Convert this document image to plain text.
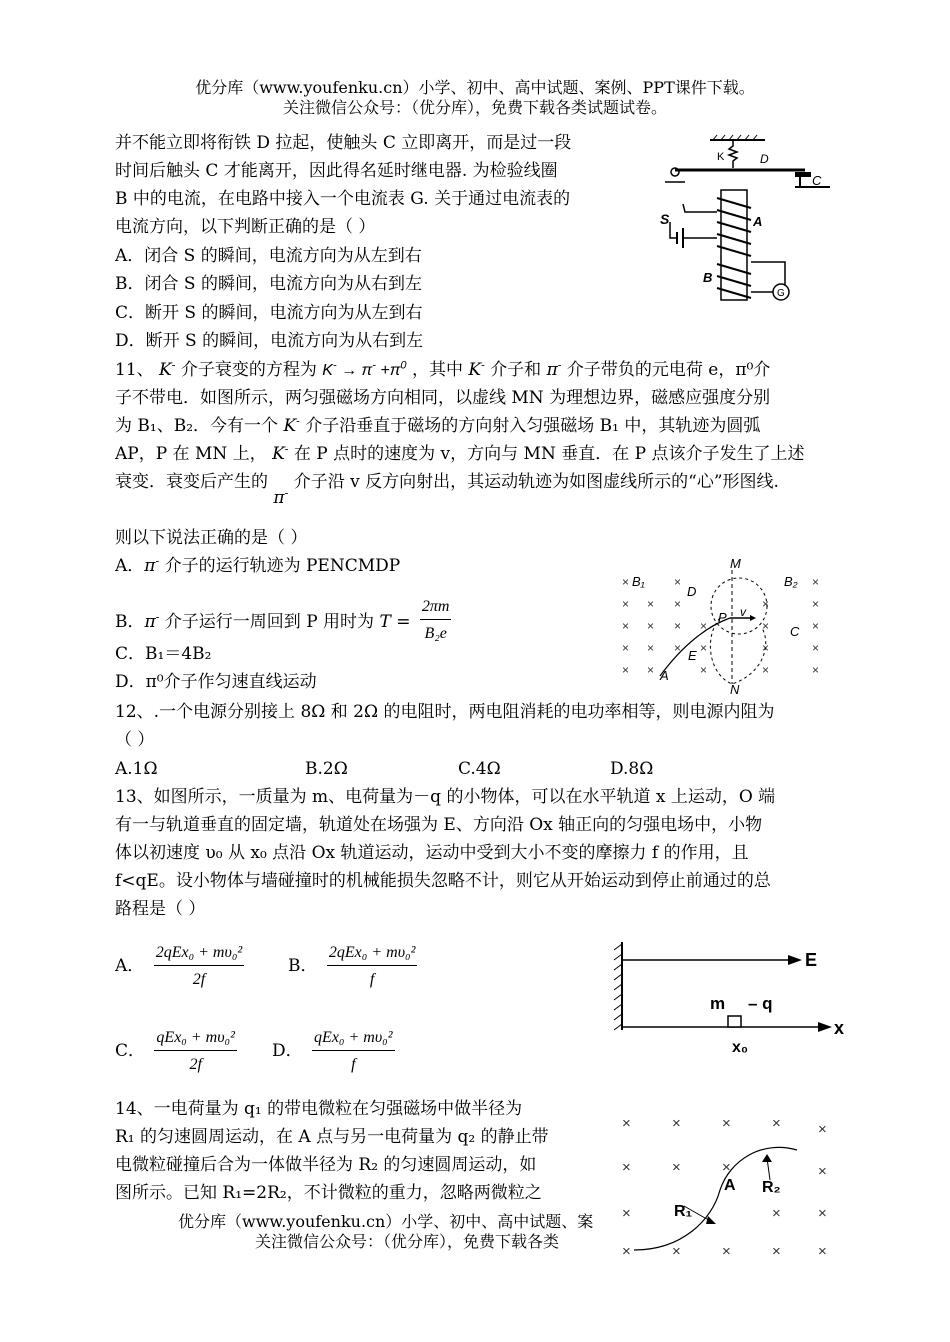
优分库（www.youfenku.cn）小学、初中、高中试题、案例、PPT课件下载。
关注微信公众号：（优分库），免费下载各类试题试卷。
并不能立即将衔铁 D 拉起，使触头 C 立即离开，而是过一段
时间后触头 C 才能离开，因此得名延时继电器. 为检验线圈
B 中的电流，在电路中接入一个电流表 G. 关于通过电流表的
电流方向，以下判断正确的是（ ）
A．闭合 S 的瞬间，电流方向为从左到右
B．闭合 S 的瞬间，电流方向为从右到左
C．断开 S 的瞬间，电流方向为从左到右
D．断开 S 的瞬间，电流方向为从右到左
K	D
C
A
B
S
G
11、 K- 介子衰变的方程为 $K^- \to \pi^- +\pi^0$ ，其中 K- 介子和 π- 介子带负的元电荷 e，π⁰介
子不带电．如图所示，两匀强磁场方向相同，以虚线 MN 为理想边界，磁感应强度分别
为 B₁、B₂．今有一个 K- 介子沿垂直于磁场的方向射入匀强磁场 B₁ 中，其轨迹为圆弧
AP，P 在 MN 上， K- 在 P 点时的速度为 v，方向与 MN 垂直．在 P 点该介子发生了上述
衰变．衰变后产生的 π- 介子沿 v 反方向射出，其运动轨迹为如图虚线所示的“心”形图线.
则以下说法正确的是（ ）
A．π- 介子的运行轨迹为 PENCMDP
B．π- 介子运行一周回到 P 用时为 $T = \frac{2\pi m}{\text{B₂e}}$
C．B₁＝4B₂
D．π⁰介子作匀速直线运动
×
×
×
×
×
×
×
×
×
×
×
×
×
×
×
×
×
×
×
×
×
×
×
×
×
M
N
B₁	B₂
D
P v
C
E
A
12、.一个电源分别接上 8Ω 和 2Ω 的电阻时，两电阻消耗的电功率相等，则电源内阻为
（ ）
A.1Ω	B.2Ω	C.4Ω	D.8Ω
13、如图所示，一质量为 m、电荷量为－q 的小物体，可以在水平轨道 x 上运动，O 端
有一与轨道垂直的固定墙，轨道处在场强为 E、方向沿 Ox 轴正向的匀强电场中，小物
体以初速度 υ₀ 从 x₀ 点沿 Ox 轨道运动，运动中受到大小不变的摩擦力 f 的作用，且
f<qE。设小物体与墙碰撞时的机械能损失忽略不计，则它从开始运动到停止前通过的总
路程是（ ）
A． $\frac{\text{2qEx₀ + mυ₀²}}{2f}$	B． $\frac{\text{2qEx₀ + mυ₀²}}{f}$
C． $\frac{\text{qEx₀ + mυ₀²}}{2f}$ D． $\frac{\text{qEx₀ + mυ₀²}}{f}$
E
x
m – q
x₀
14、一电荷量为 q₁ 的带电微粒在匀强磁场中做半径为
R₁ 的匀速圆周运动，在 A 点与另一电荷量为 q₂ 的静止带
电微粒碰撞后合为一体做半径为 R₂ 的匀速圆周运动，如
图所示。已知 R₁=2R₂，不计微粒的重力，忽略两微粒之
×	×	×	× ×
×	×	×	×
×	× ×
×	×	×	× ×
A
R₁
R₂
优分库（www.youfenku.cn）小学、初中、高中试题、案
关注微信公众号：（优分库），免费下载各类
